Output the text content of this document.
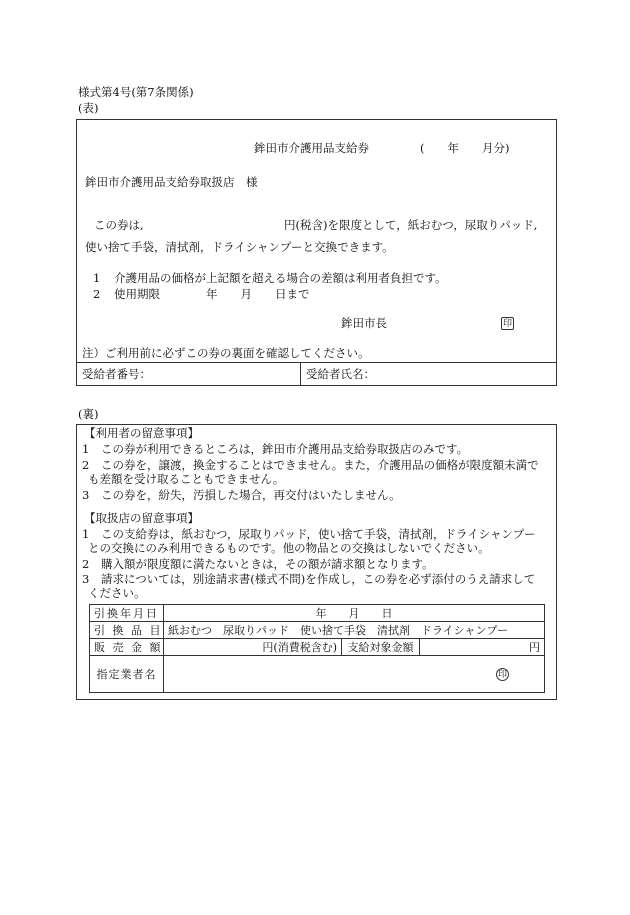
様式第4号(第7条関係)
(表)
鉾田市介護用品支給券	(　　年　　月分)
鉾田市介護用品支給券取扱店　様
この券は,	円(税含)を限度として，紙おむつ，尿取りパッド,
使い捨て手袋，清拭剤，ドライシャンプーと交換できます。
1 介護用品の価格が上記額を超える場合の差額は利用者負担です。
2 使用期限　　　　年　　月　　日まで
鉾田市長	印
注）ご利用前に必ずこの券の裏面を確認してください。
受給者番号：	受給者氏名：
(裏)
【利用者の留意事項】
1 この券が利用できるところは，鉾田市介護用品支給券取扱店のみです。
2 この券を，譲渡，換金することはできません。また，介護用品の価格が限度額未満で
も差額を受け取ることもできません。
3 この券を，紛失，汚損した場合，再交付はいたしません。
【取扱店の留意事項】
1 この支給券は，紙おむつ，尿取りパッド，使い捨て手袋，清拭剤，ドライシャンプー
との交換にのみ利用できるものです。他の物品との交換はしないでください。
2 購入額が限度額に満たないときは，その額が請求額となります。
3 請求については，別途請求書(様式不問)を作成し，この券を必ず添付のうえ請求して
ください。
引換年月日	年　　月　　日		
引 換 品 目	紙おむつ　尿取りパッド　使い捨て手袋　清拭剤　ドライシャンプー		
販 売 金 額	円(消費税含む)	支給対象金額	円
指定業者名	印		
